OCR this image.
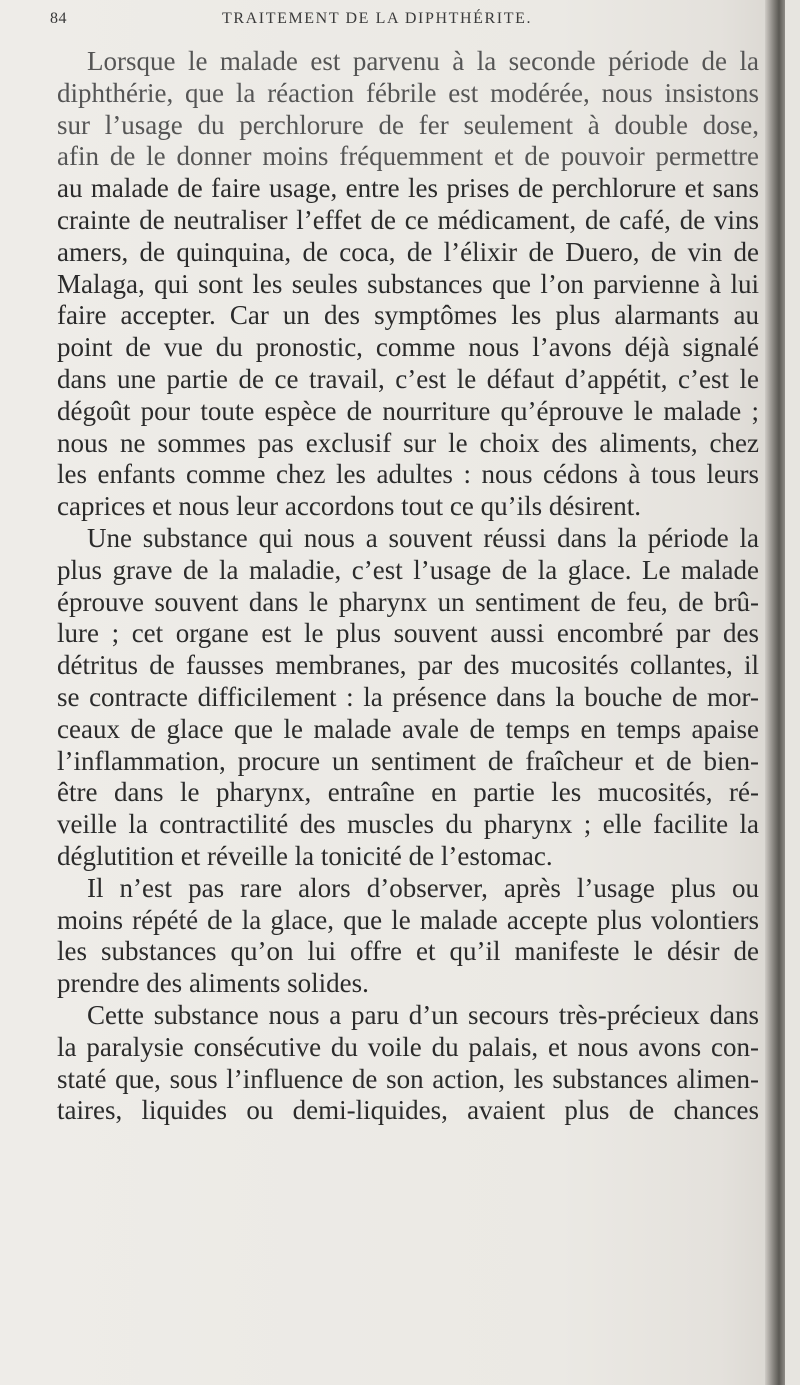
84	TRAITEMENT DE LA DIPHTHÉRITE.
Lorsque le malade est parvenu à la seconde période de la
diphthérie, que la réaction fébrile est modérée, nous insistons
sur l’usage du perchlorure de fer seulement à double dose,
afin de le donner moins fréquemment et de pouvoir permettre
au malade de faire usage, entre les prises de perchlorure et sans
crainte de neutraliser l’effet de ce médicament, de café, de vins
amers, de quinquina, de coca, de l’élixir de Duero, de vin de
Malaga, qui sont les seules substances que l’on parvienne à lui
faire accepter. Car un des symptômes les plus alarmants au
point de vue du pronostic, comme nous l’avons déjà signalé
dans une partie de ce travail, c’est le défaut d’appétit, c’est le
dégoût pour toute espèce de nourriture qu’éprouve le malade ;
nous ne sommes pas exclusif sur le choix des aliments, chez
les enfants comme chez les adultes : nous cédons à tous leurs
caprices et nous leur accordons tout ce qu’ils désirent.
Une substance qui nous a souvent réussi dans la période la
plus grave de la maladie, c’est l’usage de la glace. Le malade
éprouve souvent dans le pharynx un sentiment de feu, de brû-
lure ; cet organe est le plus souvent aussi encombré par des
détritus de fausses membranes, par des mucosités collantes, il
se contracte difficilement : la présence dans la bouche de mor-
ceaux de glace que le malade avale de temps en temps apaise
l’inflammation, procure un sentiment de fraîcheur et de bien-
être dans le pharynx, entraîne en partie les mucosités, ré-
veille la contractilité des muscles du pharynx ; elle facilite la
déglutition et réveille la tonicité de l’estomac.
Il n’est pas rare alors d’observer, après l’usage plus ou
moins répété de la glace, que le malade accepte plus volontiers
les substances qu’on lui offre et qu’il manifeste le désir de
prendre des aliments solides.
Cette substance nous a paru d’un secours très-précieux dans
la paralysie consécutive du voile du palais, et nous avons con-
staté que, sous l’influence de son action, les substances alimen-
taires, liquides ou demi-liquides, avaient plus de chances
